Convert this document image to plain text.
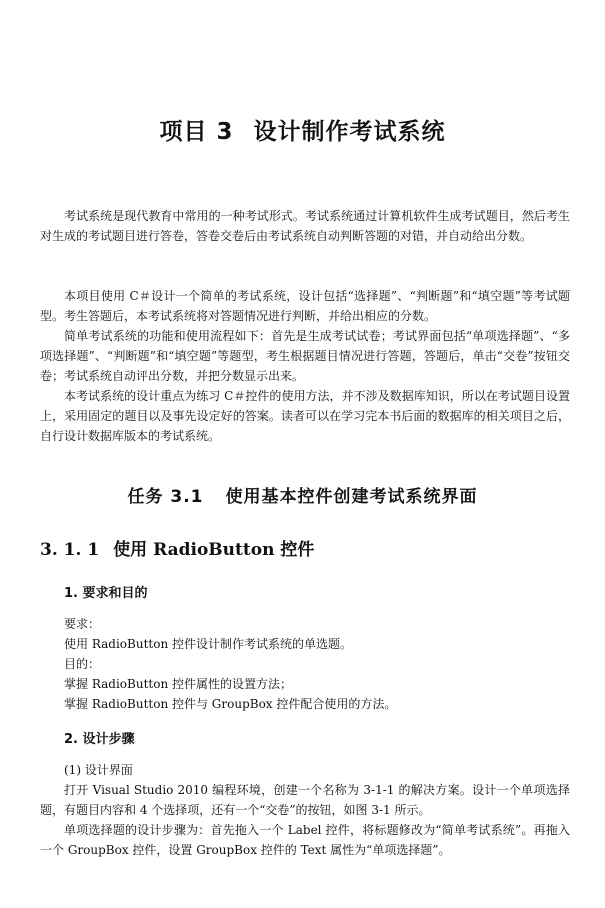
项目 3 设计制作考试系统

考试系统是现代教育中常用的一种考试形式。考试系统通过计算机软件生成考试题目，然后考生对生成的考试题目进行答卷，答卷交卷后由考试系统自动判断答题的对错，并自动给出分数。

本项目使用 C＃设计一个简单的考试系统，设计包括“选择题”、“判断题”和“填空题”等考试题型。考生答题后，本考试系统将对答题情况进行判断，并给出相应的分数。

简单考试系统的功能和使用流程如下：首先是生成考试试卷；考试界面包括“单项选择题”、“多项选择题”、“判断题”和“填空题”等题型，考生根据题目情况进行答题，答题后，单击“交卷”按钮交卷；考试系统自动评出分数，并把分数显示出来。

本考试系统的设计重点为练习 C＃控件的使用方法，并不涉及数据库知识，所以在考试题目设置上，采用固定的题目以及事先设定好的答案。读者可以在学习完本书后面的数据库的相关项目之后，自行设计数据库版本的考试系统。

任务 3.1 使用基本控件创建考试系统界面
3. 1. 1 使用 RadioButton 控件
1. 要求和目的
要求：
使用 RadioButton 控件设计制作考试系统的单选题。
目的：
掌握 RadioButton 控件属性的设置方法；
掌握 RadioButton 控件与 GroupBox 控件配合使用的方法。
2. 设计步骤
(1) 设计界面

打开 Visual Studio 2010 编程环境，创建一个名称为 3-1-1 的解决方案。设计一个单项选择题，有题目内容和 4 个选择项，还有一个“交卷”的按钮，如图 3-1 所示。

单项选择题的设计步骤为：首先拖入一个 Label 控件，将标题修改为“简单考试系统”。再拖入一个 GroupBox 控件，设置 GroupBox 控件的 Text 属性为“单项选择题”。
